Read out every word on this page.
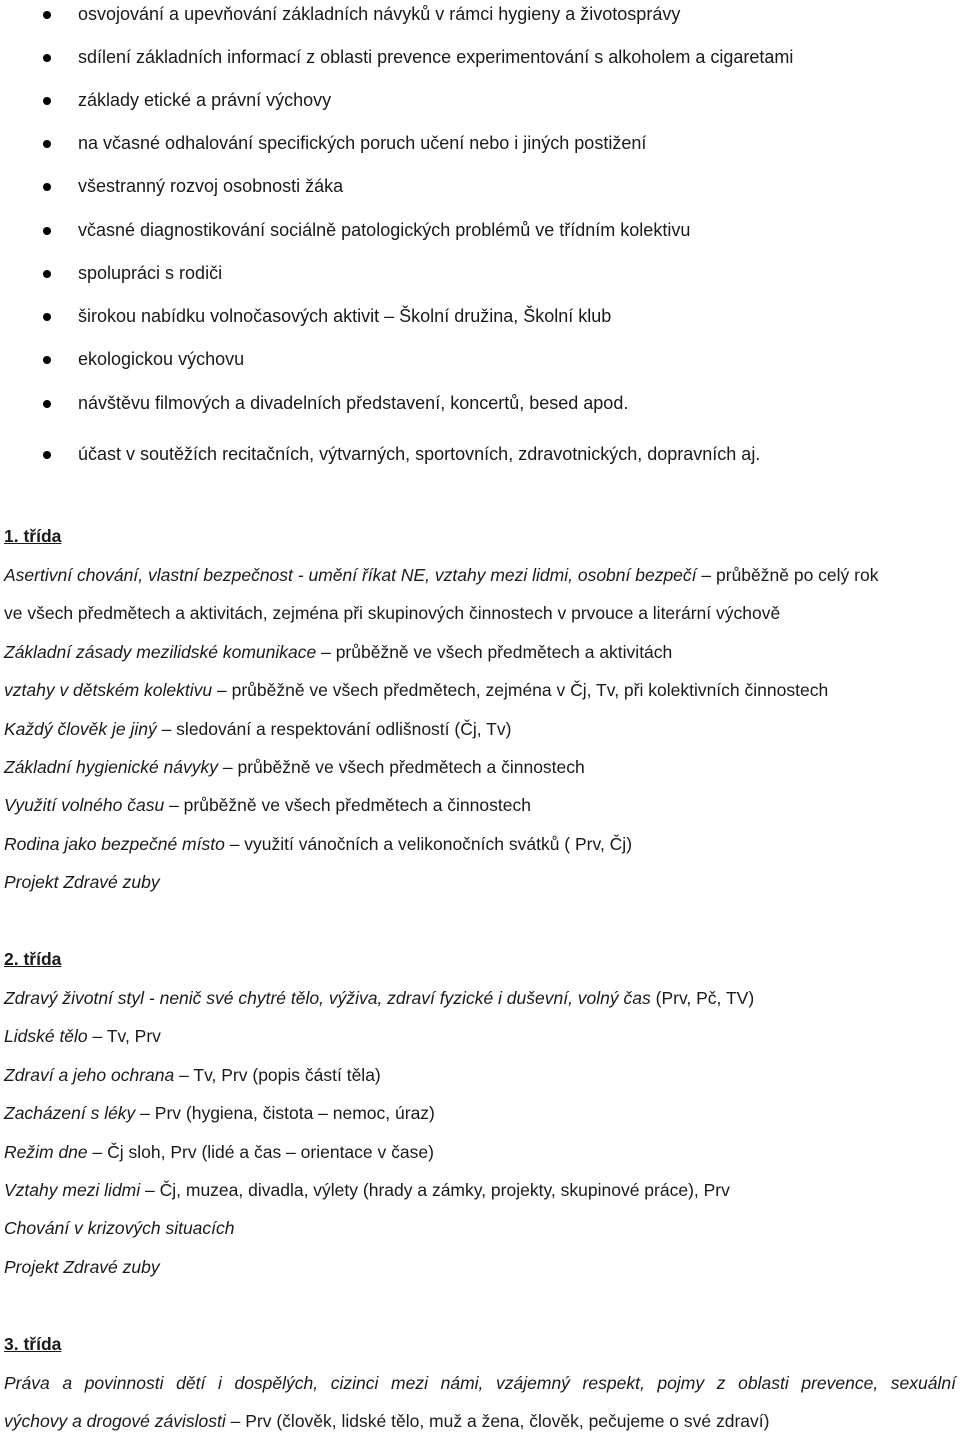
osvojování a upevňování základních návyků v rámci hygieny a životosprávy
sdílení základních informací z oblasti prevence experimentování s alkoholem a cigaretami
základy etické a právní výchovy
na včasné odhalování specifických poruch učení nebo i jiných postižení
všestranný rozvoj osobnosti žáka
včasné diagnostikování sociálně patologických problémů ve třídním kolektivu
spolupráci s rodiči
širokou nabídku volnočasových aktivit – Školní družina, Školní klub
ekologickou výchovu
návštěvu filmových a divadelních představení, koncertů, besed apod.
účast v soutěžích recitačních, výtvarných, sportovních, zdravotnických, dopravních aj.
1. třída
Asertivní chování, vlastní bezpečnost - umění říkat NE, vztahy mezi lidmi, osobní bezpečí – průběžně po celý rok
ve všech předmětech a aktivitách, zejména při skupinových činnostech v prvouce a literární výchově
Základní zásady mezilidské komunikace – průběžně ve všech předmětech a aktivitách
vztahy v dětském kolektivu – průběžně ve všech předmětech, zejména v Čj, Tv, při kolektivních činnostech
Každý člověk je jiný – sledování a respektování odlišností (Čj, Tv)
Základní hygienické návyky – průběžně ve všech předmětech a činnostech
Využití volného času – průběžně ve všech předmětech a činnostech
Rodina jako bezpečné místo – využití vánočních a velikonočních svátků ( Prv, Čj)
Projekt Zdravé zuby
2. třída
Zdravý životní styl - nenič své chytré tělo, výživa, zdraví fyzické i duševní, volný čas (Prv, Pč, TV)
Lidské tělo – Tv, Prv
Zdraví a jeho ochrana – Tv, Prv (popis částí těla)
Zacházení s léky – Prv (hygiena, čistota – nemoc, úraz)
Režim dne – Čj sloh, Prv (lidé a čas – orientace v čase)
Vztahy mezi lidmi – Čj, muzea, divadla, výlety (hrady a zámky, projekty, skupinové práce), Prv
Chování v krizových situacích
Projekt Zdravé zuby
3. třída
Práva a povinnosti dětí i dospělých, cizinci mezi námi, vzájemný respekt, pojmy z oblasti prevence, sexuální
výchovy a drogové závislosti – Prv (člověk, lidské tělo, muž a žena, člověk, pečujeme o své zdraví)
